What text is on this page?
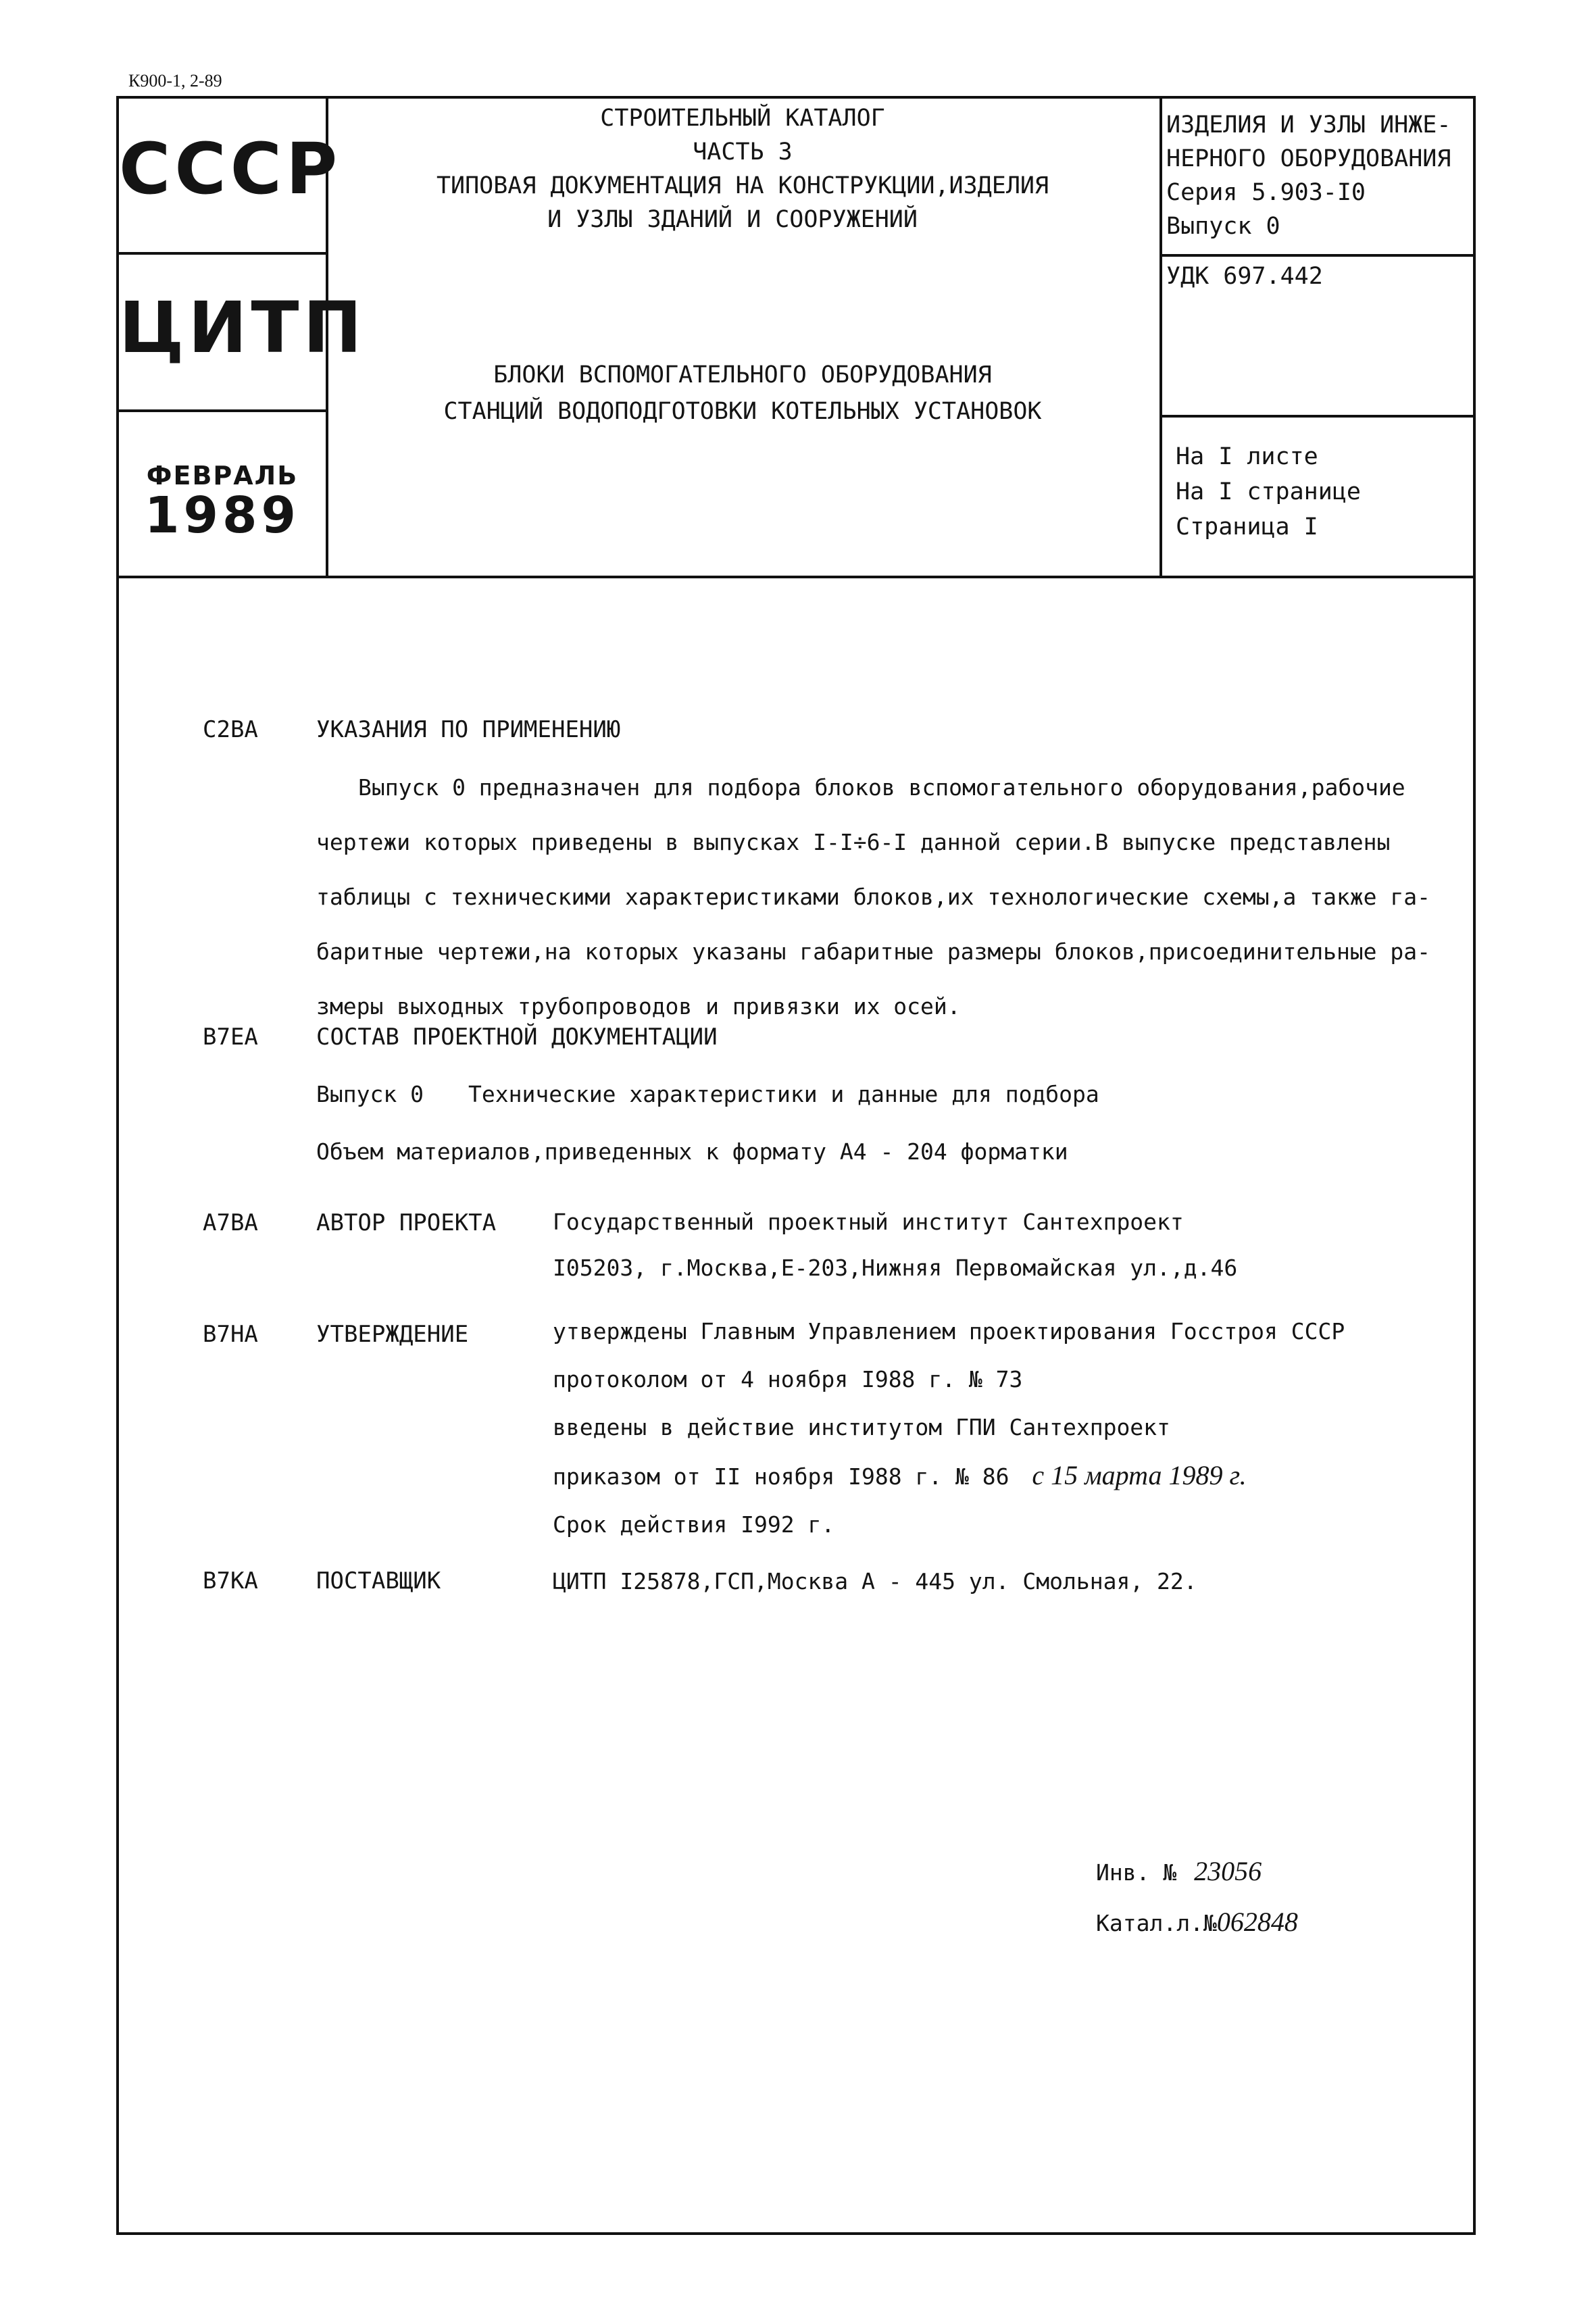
К900-1, 2-89
СССР
ЦИТП
ФЕВРАЛЬ
1989
СТРОИТЕЛЬНЫЙ КАТАЛОГ
ЧАСТЬ 3
ТИПОВАЯ ДОКУМЕНТАЦИЯ НА КОНСТРУКЦИИ,ИЗДЕЛИЯ
И УЗЛЫ ЗДАНИЙ И СООРУЖЕНИЙ
БЛОКИ ВСПОМОГАТЕЛЬНОГО ОБОРУДОВАНИЯ
СТАНЦИЙ ВОДОПОДГОТОВКИ КОТЕЛЬНЫХ УСТАНОВОК
ИЗДЕЛИЯ И УЗЛЫ ИНЖЕ-
НЕРНОГО ОБОРУДОВАНИЯ
Серия 5.903-I0
Выпуск 0
УДК 697.442
На I листе
На I странице
Страница I
С2ВА	УКАЗАНИЯ ПО ПРИМЕНЕНИЮ
Выпуск 0 предназначен для подбора блоков вспомогательного оборудования,рабочие
чертежи которых приведены в выпусках I-I÷6-I данной серии.В выпуске представлены
таблицы с техническими характеристиками блоков,их технологические схемы,а также га-
баритные чертежи,на которых указаны габаритные размеры блоков,присоединительные ра-
змеры выходных трубопроводов и привязки их осей.
В7ЕА	СОСТАВ ПРОЕКТНОЙ ДОКУМЕНТАЦИИ
Выпуск 0 Технические характеристики и данные для подбора
Объем материалов,приведенных к формату А4 - 204 форматки
А7ВА	АВТОР ПРОЕКТА	Государственный проектный институт Сантехпроект
I05203, г.Москва,Е-203,Нижняя Первомайская ул.,д.46
В7НА	УТВЕРЖДЕНИЕ	утверждены Главным Управлением проектирования Госстроя СССР
протоколом от 4 ноября I988 г. № 73
введены в действие институтом ГПИ Сантехпроект
приказом от II ноября I988 г. № 86 с 15 марта 1989 г.
Срок действия I992 г.
В7КА	ПОСТАВЩИК	ЦИТП I25878,ГСП,Москва А - 445 ул. Смольная, 22.
Инв. № 23056
Катал.л.№062848
